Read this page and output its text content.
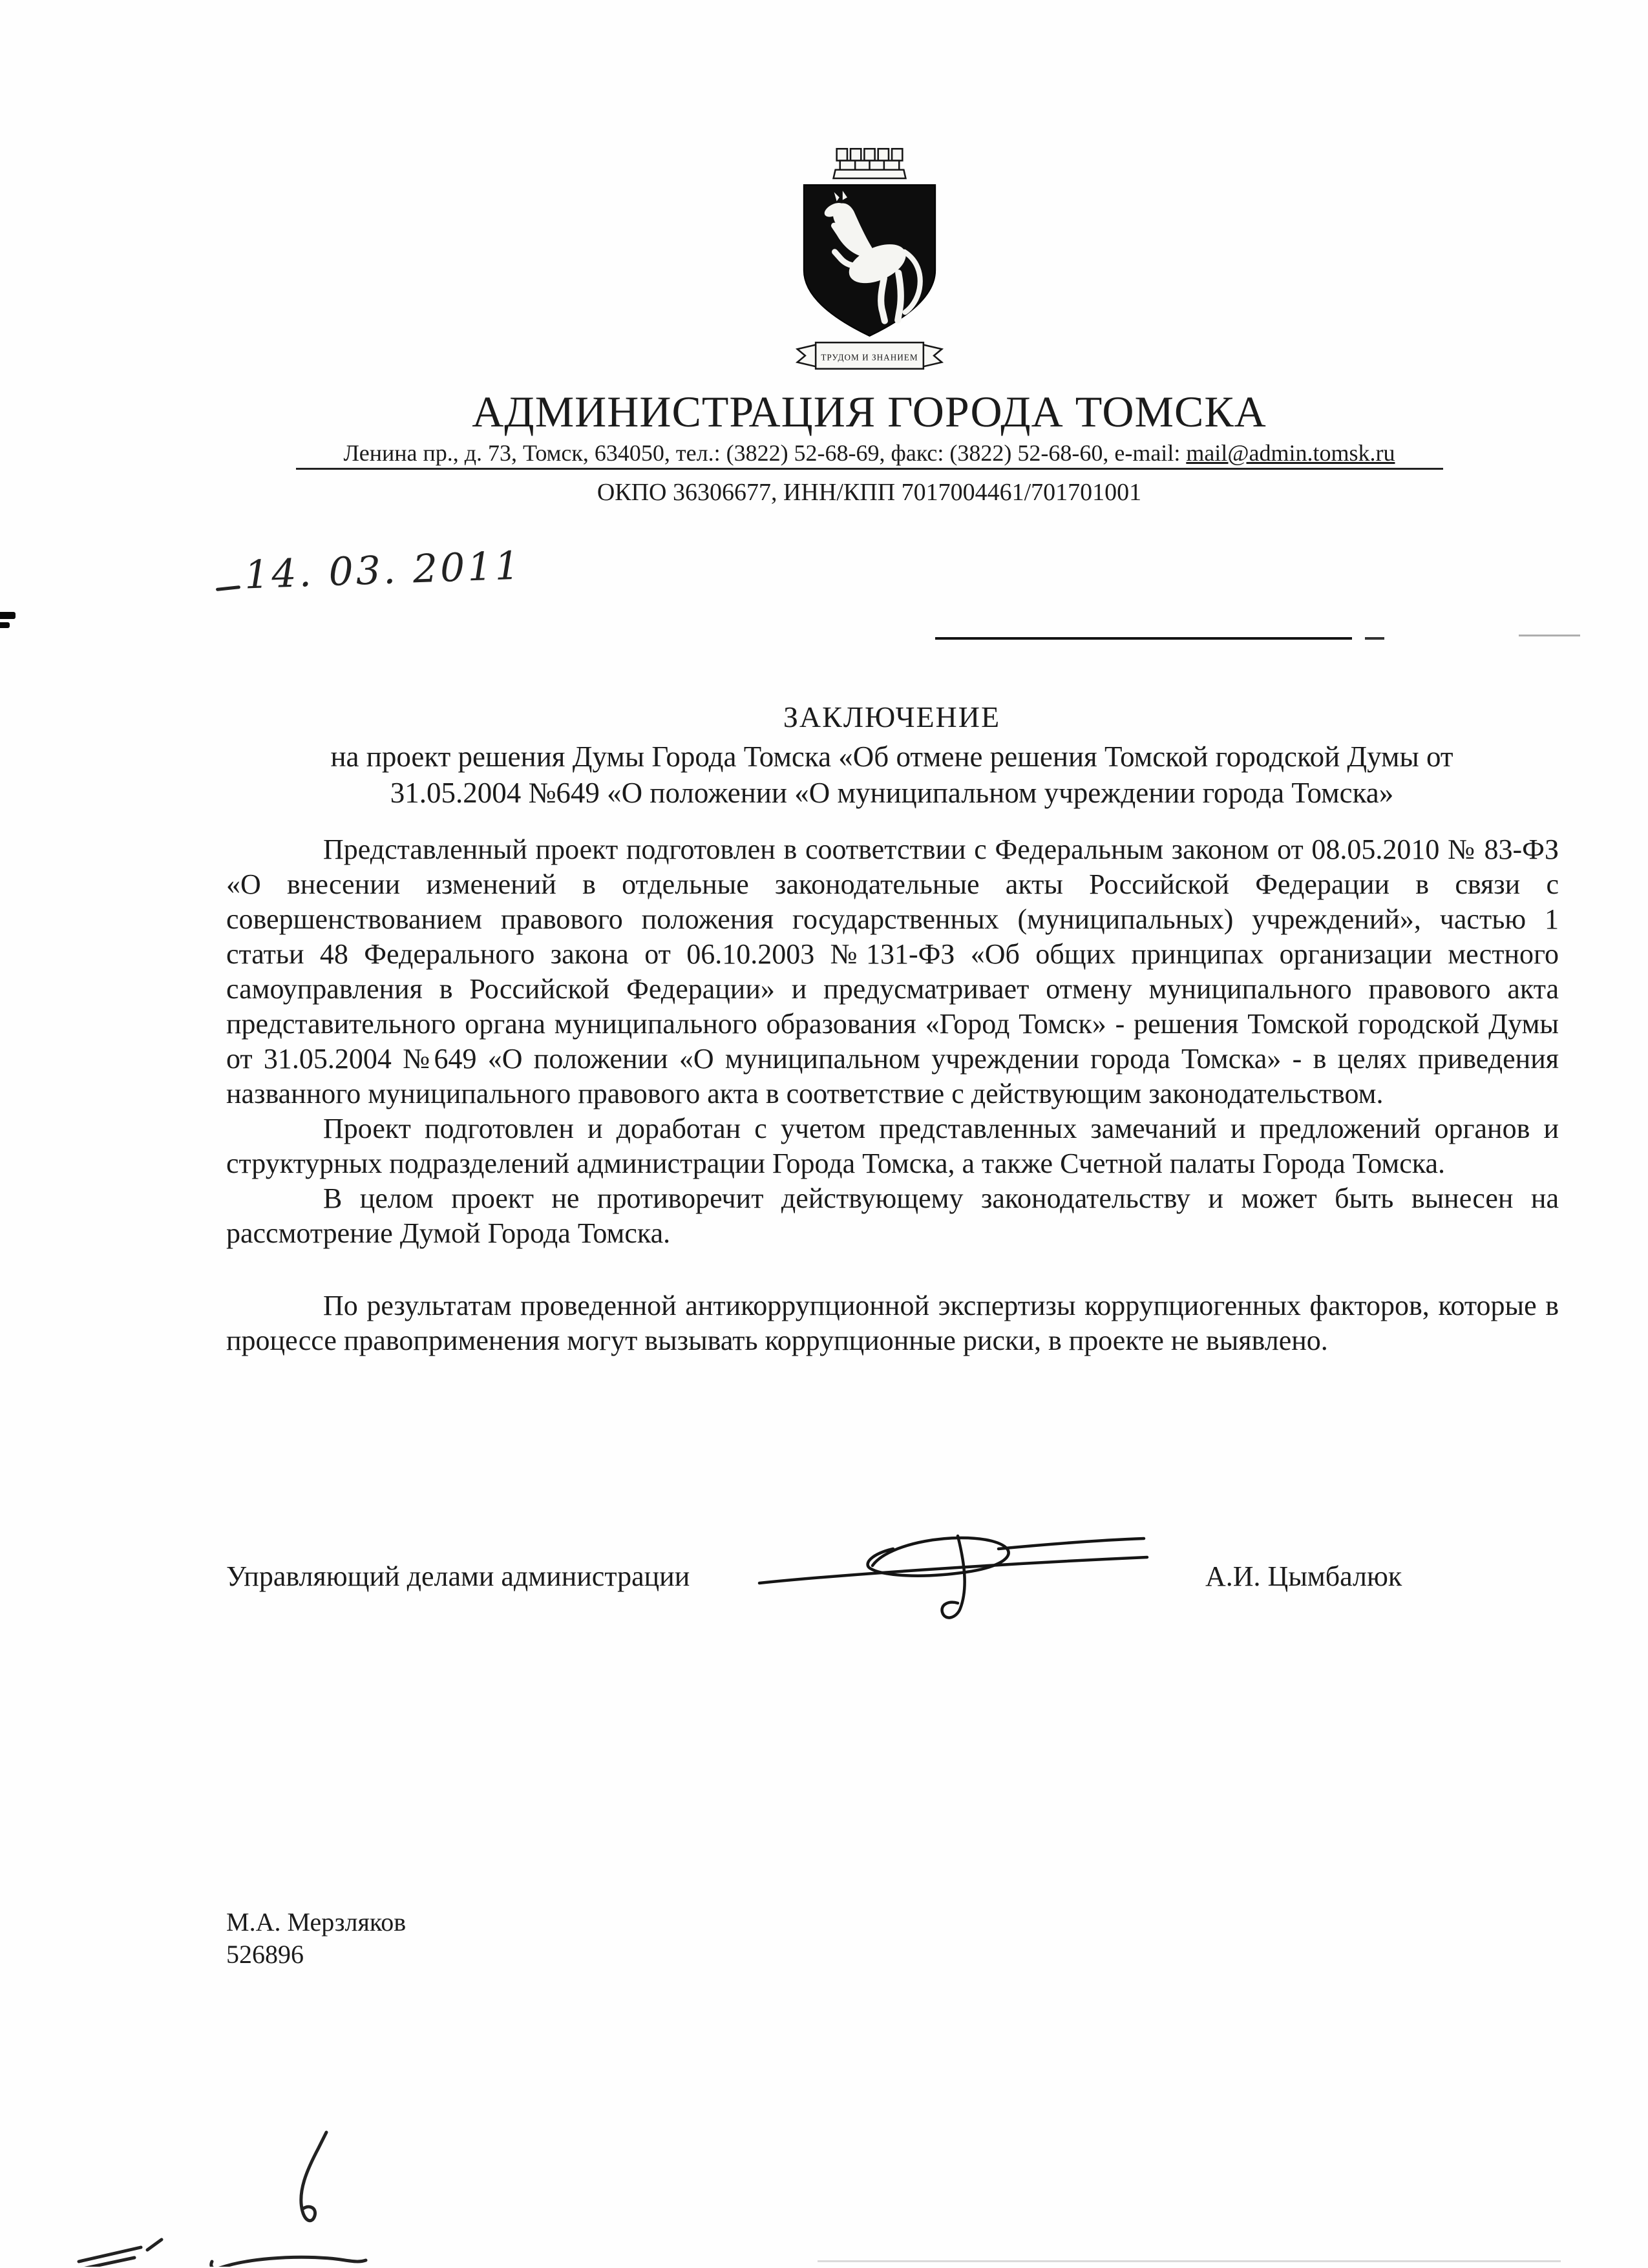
ТРУДОМ И ЗНАНИЕМ
АДМИНИСТРАЦИЯ ГОРОДА ТОМСКА
Ленина пр., д. 73, Томск, 634050, тел.: (3822) 52-68-69, факс: (3822) 52-68-60, e-mail: mail@admin.tomsk.ru
ОКПО 36306677, ИНН/КПП 7017004461/701701001
14. 03. 2011
ЗАКЛЮЧЕНИЕ

на проект решения Думы Города Томска «Об отмене решения Томской городской Думы от

31.05.2004 №649 «О положении «О муниципальном учреждении города Томска»

Представленный проект подготовлен в соответствии с Федеральным законом от 08.05.2010 № 83-ФЗ «О внесении изменений в отдельные законодательные акты Российской Федерации в связи с совершенствованием правового положения государственных (муниципальных) учреждений», частью 1 статьи 48 Федерального закона от 06.10.2003 №131-ФЗ «Об общих принципах организации местного самоуправления в Российской Федерации» и предусматривает отмену муниципального правового акта представительного органа муниципального образования «Город Томск» - решения Томской городской Думы от 31.05.2004 №649 «О положении «О муниципальном учреждении города Томска» - в целях приведения названного муниципального правового акта в соответствие с действующим законодательством.

Проект подготовлен и доработан с учетом представленных замечаний и предложений органов и структурных подразделений администрации Города Томска, а также Счетной палаты Города Томска.

В целом проект не противоречит действующему законодательству и может быть вынесен на рассмотрение Думой Города Томска.

По результатам проведенной антикоррупционной экспертизы коррупциогенных факторов, которые в процессе правоприменения могут вызывать коррупционные риски, в проекте не выявлено.

Управляющий делами администрации	А.И. Цымбалюк
М.А. Мерзляков
526896
